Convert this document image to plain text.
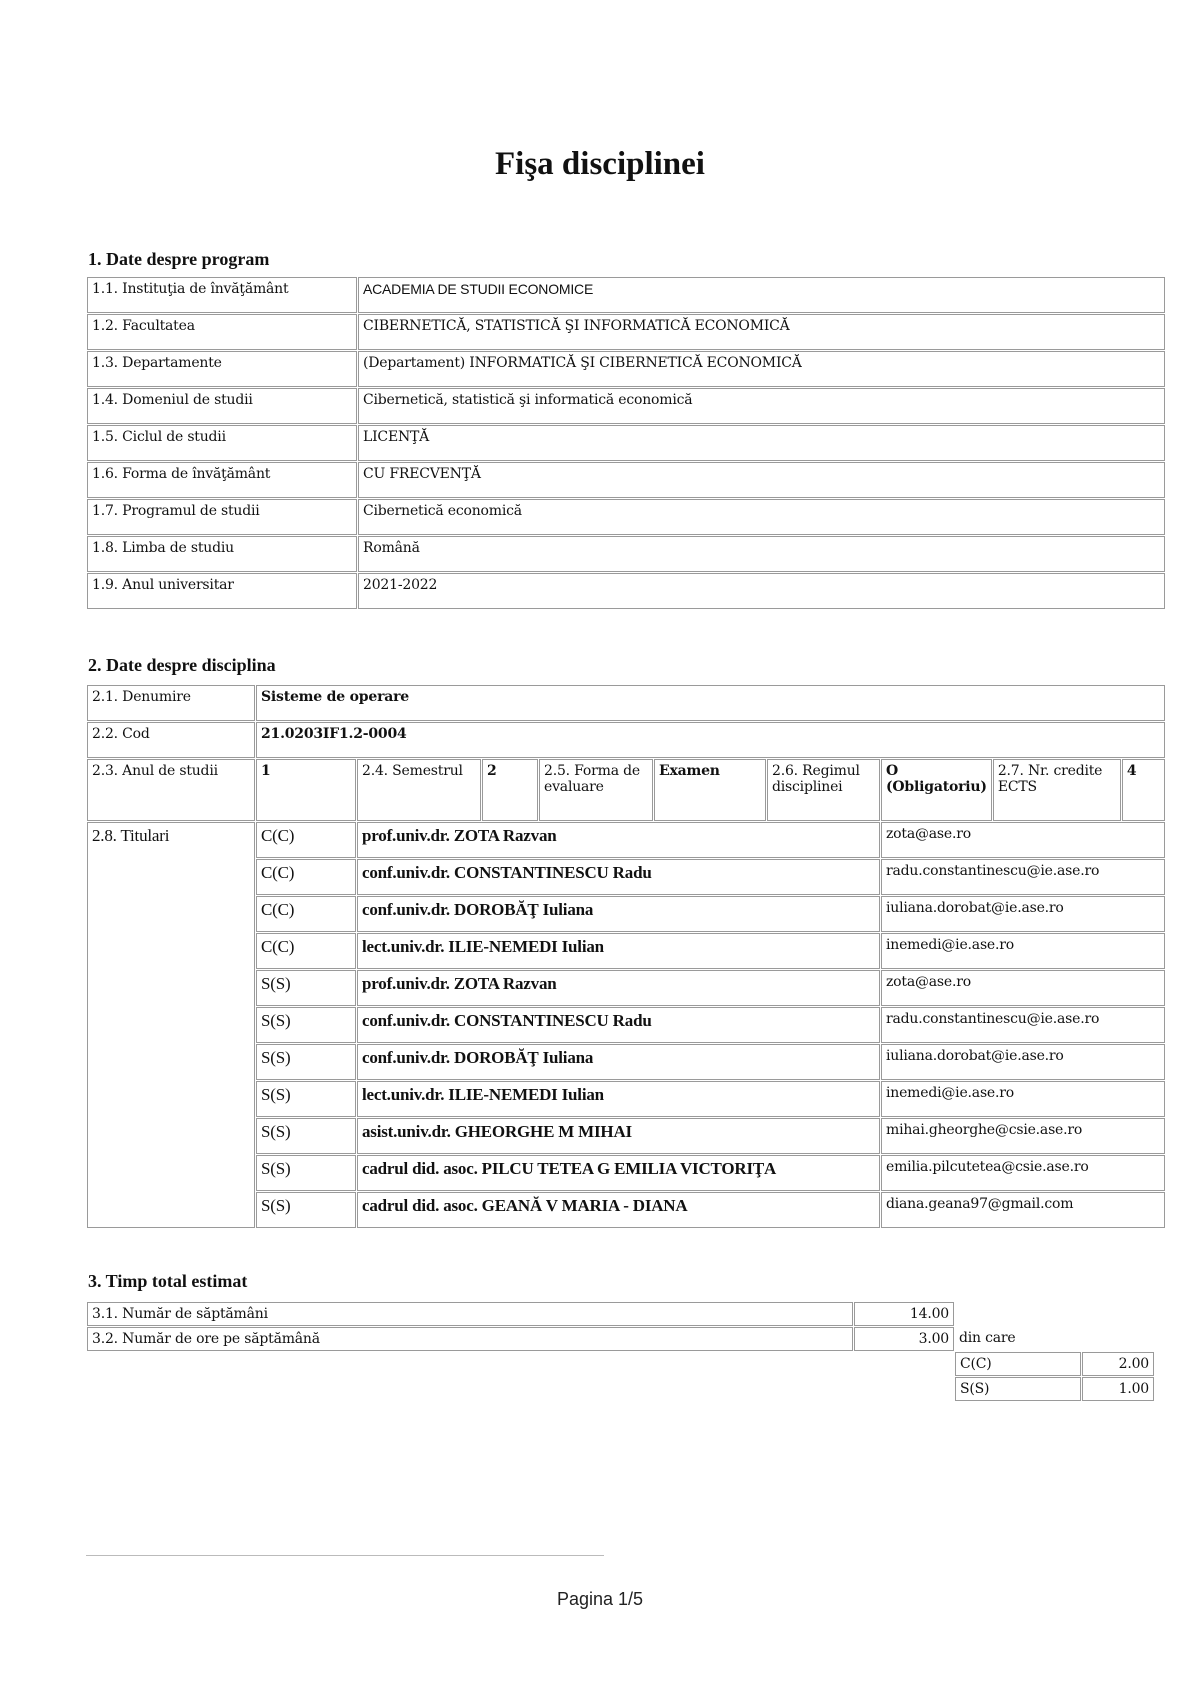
Fişa disciplinei
1. Date despre program
1.1. Instituţia de învăţământ	ACADEMIA DE STUDII ECONOMICE
1.2. Facultatea	CIBERNETICĂ, STATISTICĂ ŞI INFORMATICĂ ECONOMICĂ
1.3. Departamente	(Departament) INFORMATICĂ ŞI CIBERNETICĂ ECONOMICĂ
1.4. Domeniul de studii	Cibernetică, statistică şi informatică economică
1.5. Ciclul de studii	LICENŢĂ
1.6. Forma de învăţământ	CU FRECVENŢĂ
1.7. Programul de studii	Cibernetică economică
1.8. Limba de studiu	Română
1.9. Anul universitar	2021-2022
2. Date despre disciplina
2.1. Denumire	Sisteme de operare								
2.2. Cod	21.0203IF1.2-0004								
2.3. Anul de studii	1	2.4. Semestrul	2	2.5. Forma de evaluare	Examen	2.6. Regimul disciplinei	O (Obligatoriu)	2.7. Nr. credite ECTS	4
2.8. Titulari	C(C)	prof.univ.dr. ZOTA Razvan					zota@ase.ro		
	C(C)	conf.univ.dr. CONSTANTINESCU Radu					radu.constantinescu@ie.ase.ro		
	C(C)	conf.univ.dr. DOROBĂŢ Iuliana					iuliana.dorobat@ie.ase.ro		
	C(C)	lect.univ.dr. ILIE-NEMEDI Iulian					inemedi@ie.ase.ro		
	S(S)	prof.univ.dr. ZOTA Razvan					zota@ase.ro		
	S(S)	conf.univ.dr. CONSTANTINESCU Radu					radu.constantinescu@ie.ase.ro		
	S(S)	conf.univ.dr. DOROBĂŢ Iuliana					iuliana.dorobat@ie.ase.ro		
	S(S)	lect.univ.dr. ILIE-NEMEDI Iulian					inemedi@ie.ase.ro		
	S(S)	asist.univ.dr. GHEORGHE M MIHAI					mihai.gheorghe@csie.ase.ro		
	S(S)	cadrul did. asoc. PILCU TETEA G EMILIA VICTORIŢA					emilia.pilcutetea@csie.ase.ro		
	S(S)	cadrul did. asoc. GEANĂ V MARIA - DIANA					diana.geana97@gmail.com		
3. Timp total estimat
3.1. Număr de săptămâni	14.00		
3.2. Număr de ore pe săptămână	3.00	din care	
		C(C)	2.00
		S(S)	1.00
Pagina 1/5
